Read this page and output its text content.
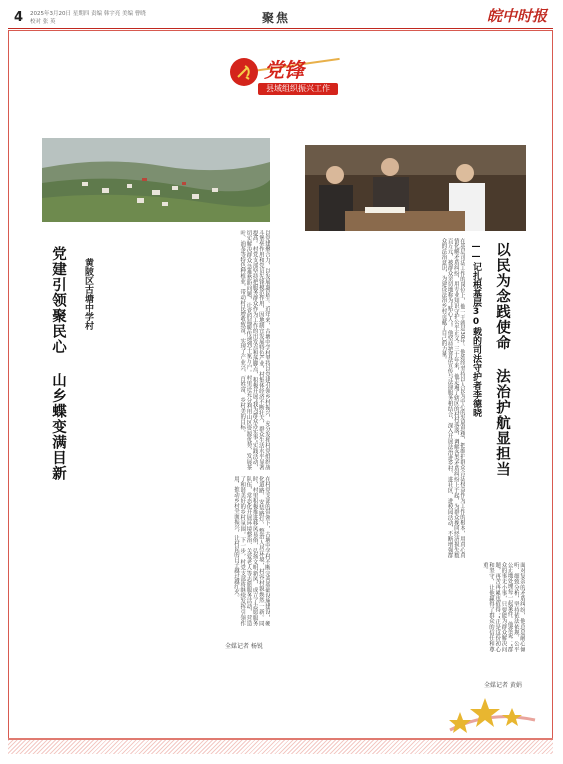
4 2025年3月20日 星期四 责编 韩宇亮 美编 曹晓 校对 张 英	聚焦	皖中时报
党锋
县域组织振兴工作
党建引领聚民心 山乡蝶变满目新 黄陂区古塘中学村	以党建聚合力，以发展惠民生。近年来，古塘中学村坚持以党建引领乡村振兴，充分发挥村党组织战斗堡垒作用和党员先锋模范作用，因地制宜发展特色产业，村集体经济不断壮大，群众生活水平显著提高。村党支部坚持把服务群众作为工作的出发点和落脚点，积极开展“我为群众办实事”实践活动，切实解决群众急难愁盼问题，让党的温暖传递到千家万户。村里还充分利用山区资源优势，发展茶叶、油茶等特色种植业，带动村民增收致富，实现了产业兴、百姓富、乡村美的目标。
在村党支部的带领下，古塘中学村不断完善基础设施建设，硬化道路、安装路灯、整治人居环境，村容村貌焕然一新。同时，村里积极推进移风易俗，弘扬文明新风，成立了志愿服务队伍，常态化开展环境整治、关爱老人等志愿服务活动，营造了和谐美好的乡村氛围。下一步，村党支部将继续发挥引领作用，推动乡村全面振兴，让村民的日子越过越红火。
全媒记者 杨锐
以民为念践使命 法治护航显担当
——记扎根基层30载的司法守护者李德晓
在基层司法工作的岗位上，他一干就是30年。他始终坚持以人民为中心的发展思想，把维护群众合法权益作为工作的根本，用真心真情化解矛盾纠纷，用专业知识守护公平正义。三十年来，他走遍了辖区的村村落落，调解各类矛盾纠纷上千起，为群众挽回经济损失数百万元，被群众亲切地称为“贴心人”。他坚持把普法宣传与法律服务相结合，深入开展法治进乡村、进社区、进校园活动，不断增强群众的法治意识，为建设法治乡村贡献了自己的力量。
面对复杂的矛盾纠纷，他总是耐心倾听、细致分析，坚持依法依规、公平公正地处理每一起案件。他常说：“群众的事无小事，只要能为群众解决问题，再苦再累也值得。”正是这份初心和坚守，让他赢得了群众的信任和尊重。
全媒记者 黄娟
